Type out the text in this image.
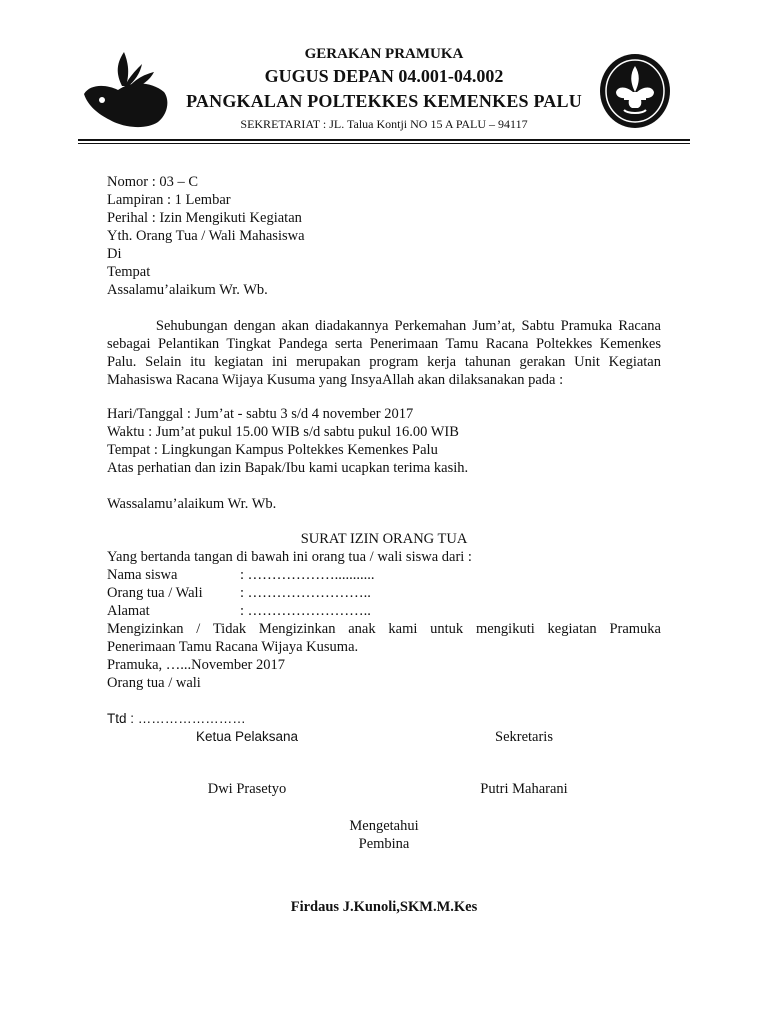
GERAKAN PRAMUKA
GUGUS DEPAN 04.001-04.002
PANGKALAN POLTEKKES KEMENKES PALU
SEKRETARIAT : JL. Talua Kontji NO 15 A PALU – 94117
Nomor : 03 – C
Lampiran : 1 Lembar
Perihal : Izin Mengikuti Kegiatan
Yth. Orang Tua / Wali Mahasiswa
Di
Tempat
Assalamu’alaikum Wr. Wb.
Sehubungan dengan akan diadakannya Perkemahan Jum’at, Sabtu Pramuka Racana
sebagai Pelantikan Tingkat Pandega serta Penerimaan Tamu Racana Poltekkes Kemenkes
Palu. Selain itu kegiatan ini merupakan program kerja tahunan gerakan Unit Kegiatan
Mahasiswa Racana Wijaya Kusuma yang InsyaAllah akan dilaksanakan pada :
Hari/Tanggal : Jum’at - sabtu 3 s/d 4 november 2017
Waktu : Jum’at pukul 15.00 WIB s/d sabtu pukul 16.00 WIB
Tempat : Lingkungan Kampus Poltekkes Kemenkes Palu
Atas perhatian dan izin Bapak/Ibu kami ucapkan terima kasih.
Wassalamu’alaikum Wr. Wb.
SURAT IZIN ORANG TUA
Yang bertanda tangan di bawah ini orang tua / wali siswa dari :
Nama siswa	: ………………...........
Orang tua / Wali	: ……………………..
Alamat	: ……………………..
Mengizinkan / Tidak Mengizinkan anak kami untuk mengikuti kegiatan Pramuka
Penerimaan Tamu Racana Wijaya Kusuma.
Pramuka, …...November 2017
Orang tua / wali
Ttd : ……………………
Ketua Pelaksana	Sekretaris
Dwi Prasetyo	Putri Maharani
Mengetahui
Pembina
Firdaus J.Kunoli,SKM.M.Kes
